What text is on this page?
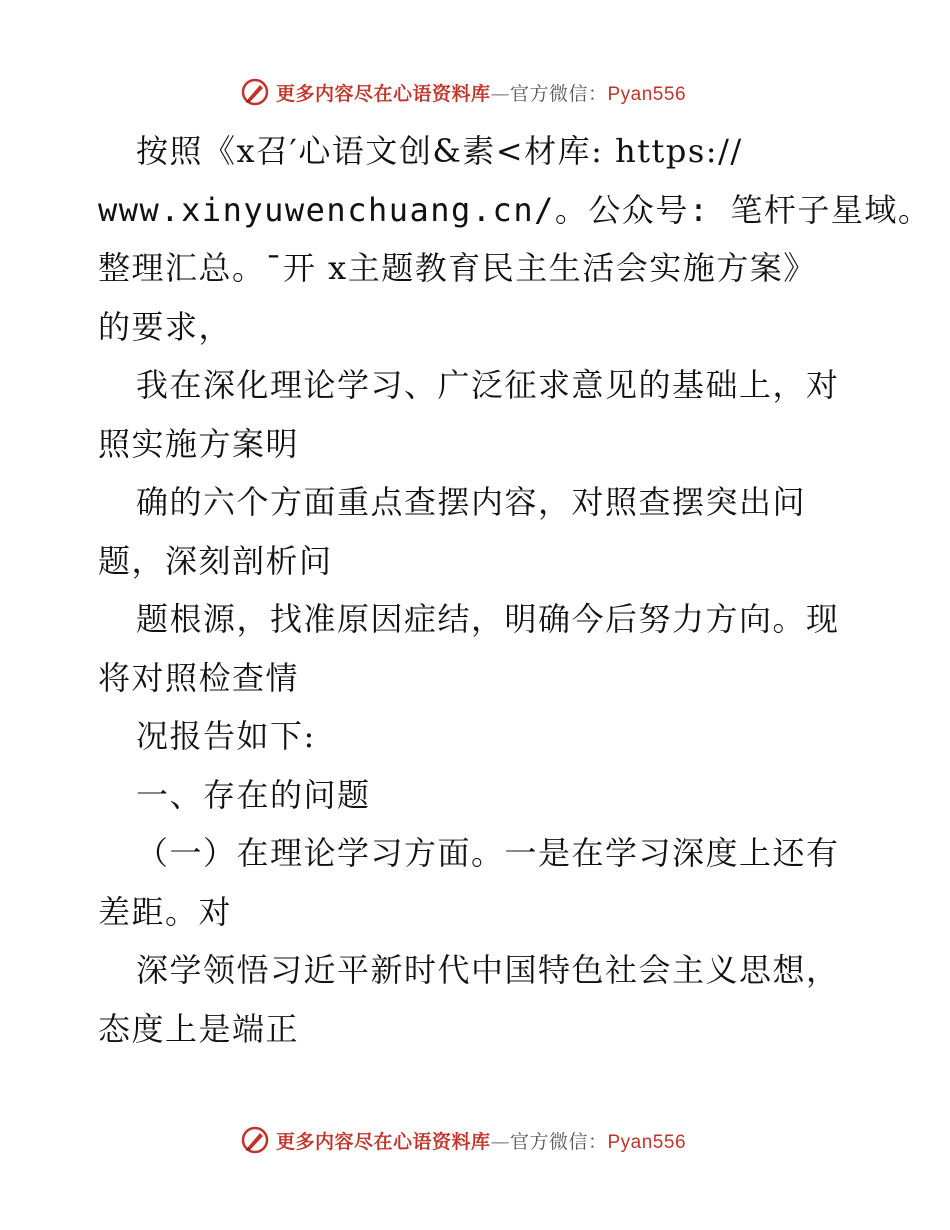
更多内容尽在心语资料库—官方微信：Pyan556
按照《x召′心语文创&素<材库: https://
www.xinyuwenchuang.cn/。公众号: 笔杆子星域。
整理汇总。¯开 x主题教育民主生活会实施方案》
的要求，
我在深化理论学习、广泛征求意见的基础上，对
照实施方案明
确的六个方面重点查摆内容，对照查摆突出问
题，深刻剖析问
题根源，找准原因症结，明确今后努力方向。现
将对照检查情
况报告如下:
一、存在的问题
（一）在理论学习方面。一是在学习深度上还有
差距。对
深学领悟习近平新时代中国特色社会主义思想，
态度上是端正
更多内容尽在心语资料库—官方微信：Pyan556
